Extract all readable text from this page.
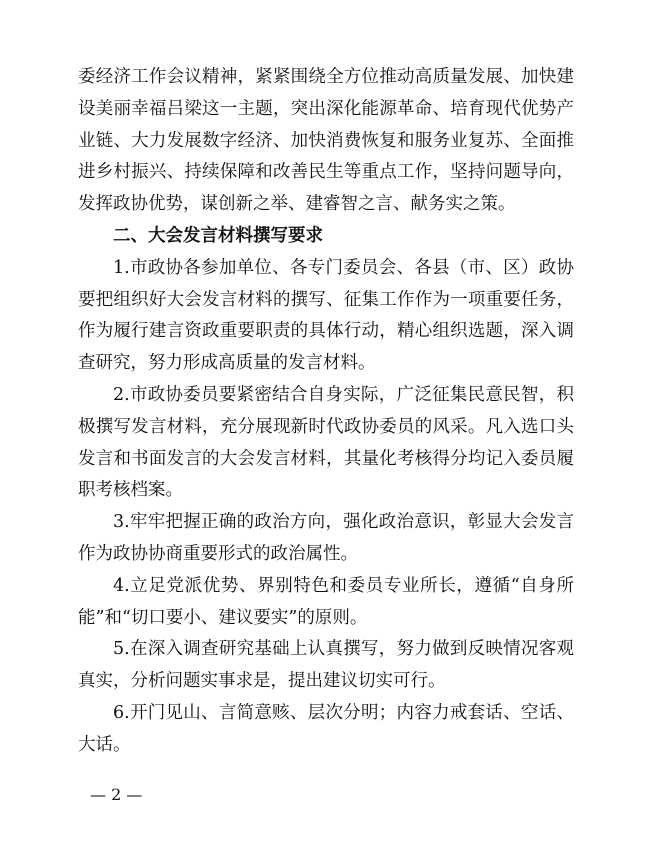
委经济工作会议精神，紧紧围绕全方位推动高质量发展、加快建
设美丽幸福吕梁这一主题，突出深化能源革命、培育现代优势产
业链、大力发展数字经济、加快消费恢复和服务业复苏、全面推
进乡村振兴、持续保障和改善民生等重点工作，坚持问题导向，
发挥政协优势，谋创新之举、建睿智之言、献务实之策。
二、大会发言材料撰写要求
1.市政协各参加单位、各专门委员会、各县（市、区）政协
要把组织好大会发言材料的撰写、征集工作作为一项重要任务，
作为履行建言资政重要职责的具体行动，精心组织选题，深入调
查研究，努力形成高质量的发言材料。
2.市政协委员要紧密结合自身实际，广泛征集民意民智，积
极撰写发言材料，充分展现新时代政协委员的风采。凡入选口头
发言和书面发言的大会发言材料，其量化考核得分均记入委员履
职考核档案。
3.牢牢把握正确的政治方向，强化政治意识，彰显大会发言
作为政协协商重要形式的政治属性。
4.立足党派优势、界别特色和委员专业所长，遵循“自身所
能”和“切口要小、建议要实”的原则。
5.在深入调查研究基础上认真撰写，努力做到反映情况客观
真实，分析问题实事求是，提出建议切实可行。
6.开门见山、言简意赅、层次分明；内容力戒套话、空话、
大话。
— 2 —
